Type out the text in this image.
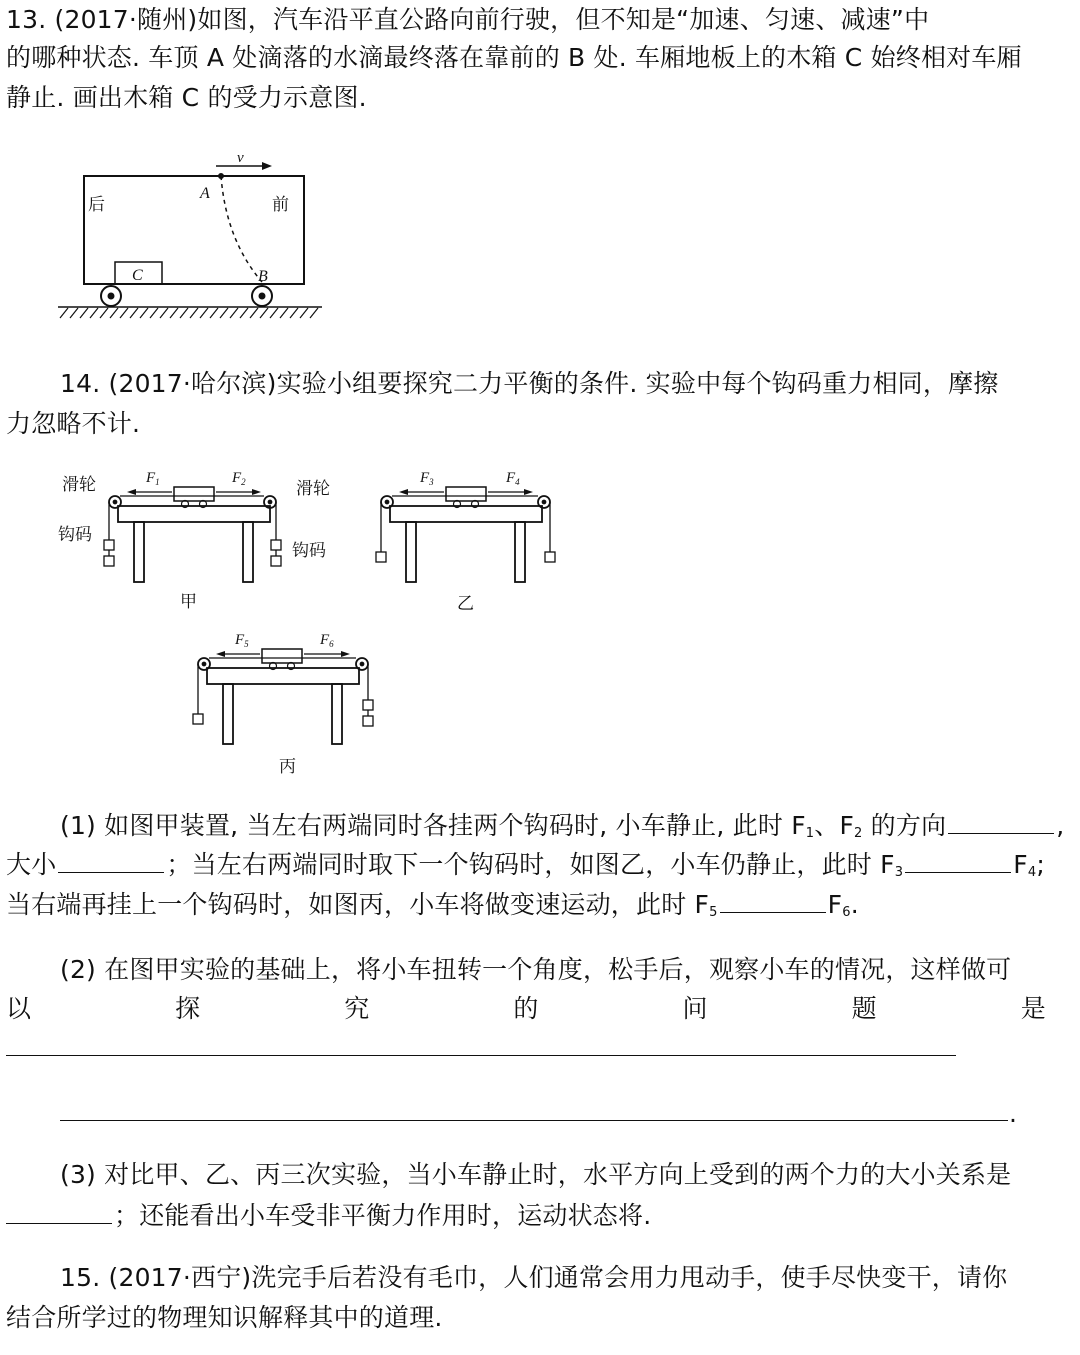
13. (2017·随州)如图，汽车沿平直公路向前行驶，但不知是“加速、匀速、减速”中
的哪种状态. 车顶 A 处滴落的水滴最终落在靠前的 B 处. 车厢地板上的木箱 C 始终相对车厢
静止. 画出木箱 C 的受力示意图.
v
A
B
C
后	前
滑轮	滑轮
钩码
钩码
$F_1$	$F_2$
甲
$F_3$	$F_4$
乙
$F_5$	$F_6$
丙
14. (2017·哈尔滨)实验小组要探究二力平衡的条件. 实验中每个钩码重力相同，摩擦
力忽略不计.
(1) 如图甲装置, 当左右两端同时各挂两个钩码时, 小车静止, 此时 $F_1$、$F_2$ 的方向	,
大小	；当左右两端同时取下一个钩码时，如图乙，小车仍静止，此时 $F_3$	$F_4$;
当右端再挂上一个钩码时，如图丙，小车将做变速运动，此时 $F_5$	$F_6$.
(2) 在图甲实验的基础上，将小车扭转一个角度，松手后，观察小车的情况，这样做可
以	探	究	的	问	题	是
.
(3) 对比甲、乙、丙三次实验，当小车静止时，水平方向上受到的两个力的大小关系是
；还能看出小车受非平衡力作用时，运动状态将.
15. (2017·西宁)洗完手后若没有毛巾，人们通常会用力甩动手，使手尽快变干，请你
结合所学过的物理知识解释其中的道理.
